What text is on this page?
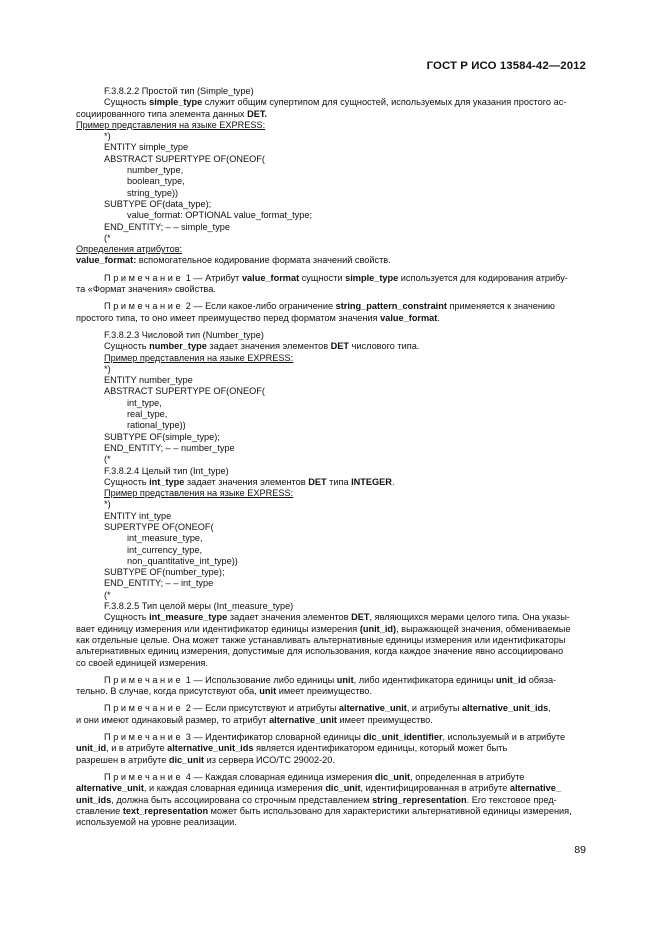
ГОСТ Р ИСО 13584-42—2012
F.3.8.2.2 Простой тип (Simple_type)
Сущность simple_type служит общим супертипом для сущностей, используемых для указания простого ас-
социированного типа элемента данных DET.
Пример представления на языке EXPRESS:
*)
ENTITY simple_type
ABSTRACT SUPERTYPE OF(ONEOF(
number_type,
boolean_type,
string_type))
SUBTYPE OF(data_type);
value_format: OPTIONAL value_format_type;
END_ENTITY; – – simple_type
(*
Определения атрибутов:
value_format: вспомогательное кодирование формата значений свойств.
Примечание 1 — Атрибут value_format сущности simple_type используется для кодирования атрибу-
та «Формат значения» свойства.
Примечание 2 — Если какое-либо ограничение string_pattern_constraint применяется к значению
простого типа, то оно имеет преимущество перед форматом значения value_format.
F.3.8.2.3 Числовой тип (Number_type)
Сущность number_type задает значения элементов DET числового типа.
Пример представления на языке EXPRESS:
*)
ENTITY number_type
ABSTRACT SUPERTYPE OF(ONEOF(
int_type,
real_type,
rational_type))
SUBTYPE OF(simple_type);
END_ENTITY; – – number_type
(*
F.3.8.2.4 Целый тип (Int_type)
Сущность int_type задает значения элементов DET типа INTEGER.
Пример представления на языке EXPRESS:
*)
ENTITY int_type
SUPERTYPE OF(ONEOF(
int_measure_type,
int_currency_type,
non_quantitative_int_type))
SUBTYPE OF(number_type);
END_ENTITY; – – int_type
(*
F.3.8.2.5 Тип целой меры (Int_measure_type)
Сущность int_measure_type задает значения элементов DET, являющихся мерами целого типа. Она указы-
вает единицу измерения или идентификатор единицы измерения (unit_id), выражающей значения, обмениваемые
как отдельные целые. Она может также устанавливать альтернативные единицы измерения или идентификаторы
альтернативных единиц измерения, допустимые для использования, когда каждое значение явно ассоциировано
со своей единицей измерения.
Примечание 1 — Использование либо единицы unit, либо идентификатора единицы unit_id обяза-
тельно. В случае, когда присутствуют оба, unit имеет преимущество.
Примечание 2 — Если присутствуют и атрибуты alternative_unit, и атрибуты alternative_unit_ids,
и они имеют одинаковый размер, то атрибут alternative_unit имеет преимущество.
Примечание 3 — Идентификатор словарной единицы dic_unit_identifier, используемый и в атрибуте
unit_id, и в атрибуте alternative_unit_ids является идентификатором единицы, который может быть
разрешен в атрибуте dic_unit из сервера ИСО/ТС 29002-20.
Примечание 4 — Каждая словарная единица измерения dic_unit, определенная в атрибуте
alternative_unit, и каждая словарная единица измерения dic_unit, идентифицированная в атрибуте alternative_
unit_ids, должна быть ассоциирована со строчным представлением string_representation. Его текстовое пред-
ставление text_representation может быть использовано для характеристики альтернативной единицы измерения,
используемой на уровне реализации.
89
